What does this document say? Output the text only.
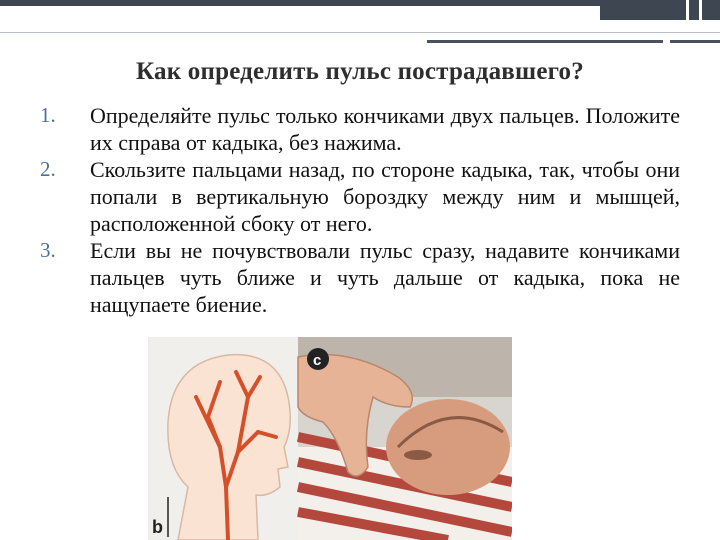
Как определить пульс пострадавшего?
1.	Определяйте пульс только кончиками двух пальцев. Положите их справа от кадыка, без нажима.
2.	Скользите пальцами назад, по стороне кадыка, так, чтобы они попали в вертикальную бороздку между ним и мышцей, расположенной сбоку от него.
3.	Если вы не почувствовали пульс сразу, надавите кончиками пальцев чуть ближе и чуть дальше от кадыка, пока не нащупаете биение.
b
c
